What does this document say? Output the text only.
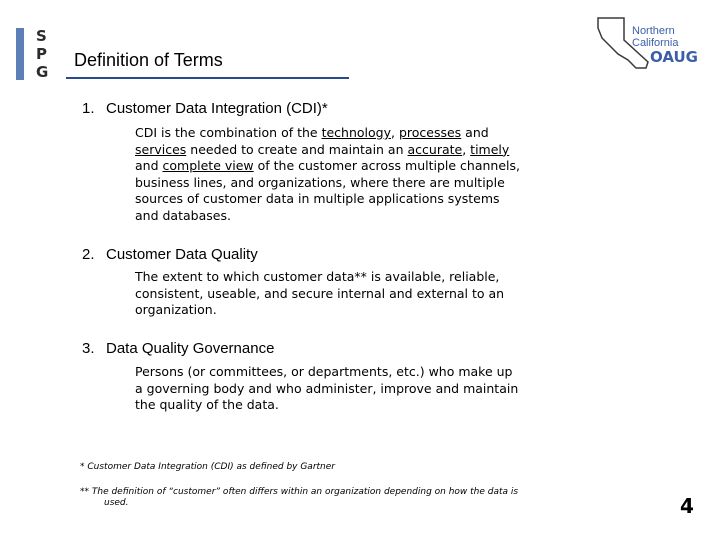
S
P
G
Definition of Terms
Northern
California
OAUG
1. Customer Data Integration (CDI)*
CDI is the combination of the technology, processes and services needed to create and maintain an accurate, timely and complete view of the customer across multiple channels, business lines, and organizations, where there are multiple sources of customer data in multiple applications systems and databases.
2. Customer Data Quality
The extent to which customer data** is available, reliable, consistent, useable, and secure internal and external to an organization.
3. Data Quality Governance
Persons (or committees, or departments, etc.) who make up a governing body and who administer, improve and maintain the quality of the data.
* Customer Data Integration (CDI) as defined by Gartner
** The definition of “customer” often differs within an organization depending on how the data is
used.	4
